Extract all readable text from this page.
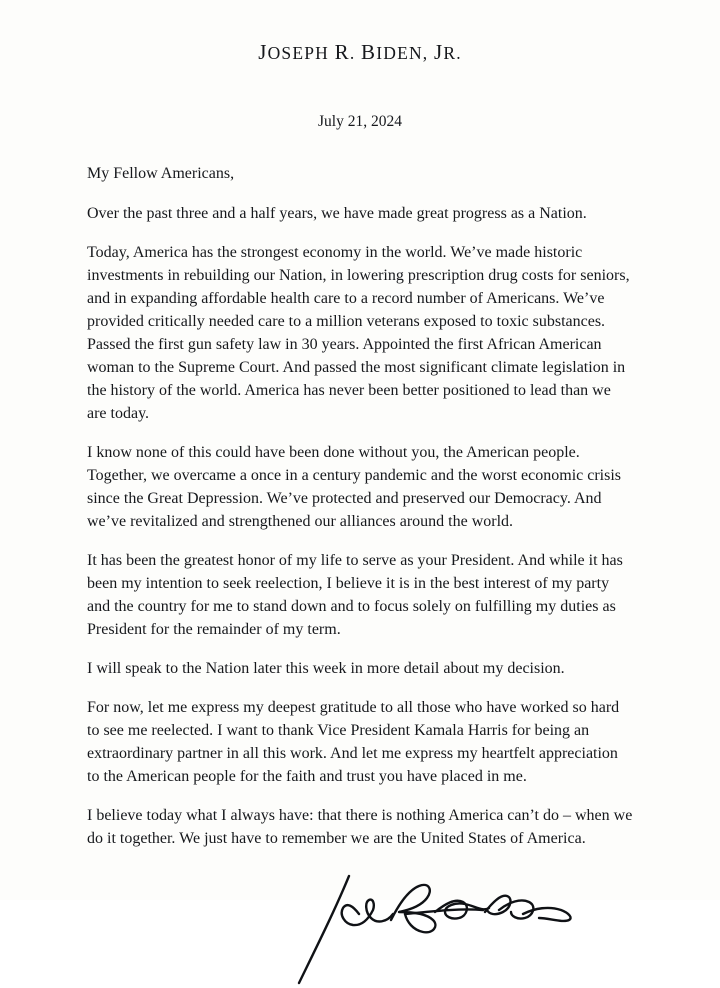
JOSEPH R. BIDEN, JR.
July 21, 2024
My Fellow Americans,

Over the past three and a half years, we have made great progress as a Nation.

Today, America has the strongest economy in the world. We’ve made historic investments in rebuilding our Nation, in lowering prescription drug costs for seniors, and in expanding affordable health care to a record number of Americans. We’ve provided critically needed care to a million veterans exposed to toxic substances. Passed the first gun safety law in 30 years. Appointed the first African American woman to the Supreme Court. And passed the most significant climate legislation in the history of the world. America has never been better positioned to lead than we are today.

I know none of this could have been done without you, the American people. Together, we overcame a once in a century pandemic and the worst economic crisis since the Great Depression. We’ve protected and preserved our Democracy. And we’ve revitalized and strengthened our alliances around the world.

It has been the greatest honor of my life to serve as your President. And while it has been my intention to seek reelection, I believe it is in the best interest of my party and the country for me to stand down and to focus solely on fulfilling my duties as President for the remainder of my term.

I will speak to the Nation later this week in more detail about my decision.

For now, let me express my deepest gratitude to all those who have worked so hard to see me reelected. I want to thank Vice President Kamala Harris for being an extraordinary partner in all this work. And let me express my heartfelt appreciation to the American people for the faith and trust you have placed in me.

I believe today what I always have: that there is nothing America can’t do – when we do it together. We just have to remember we are the United States of America.
